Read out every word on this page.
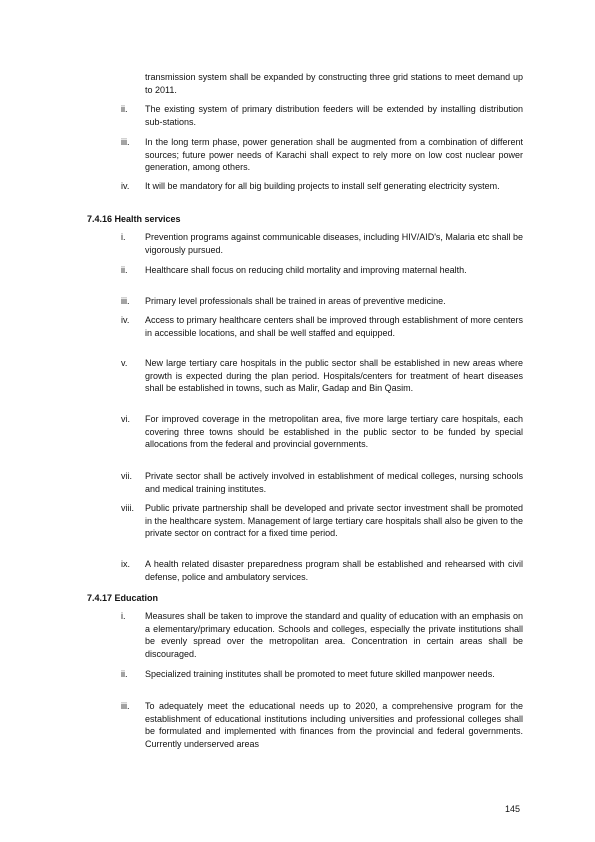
transmission system shall be expanded by constructing three grid stations to meet demand up to 2011.

ii.	The existing system of primary distribution feeders will be extended by installing distribution sub-stations.

iii.	In the long term phase, power generation shall be augmented from a combination of different sources; future power needs of Karachi shall expect to rely more on low cost nuclear power generation, among others.

iv.	It will be mandatory for all big building projects to install self generating electricity system.

7.4.16 Health services

i.	Prevention programs against communicable diseases, including HIV/AID's, Malaria etc shall be vigorously pursued.

ii.	Healthcare shall focus on reducing child mortality and improving maternal health.

iii.	Primary level professionals shall be trained in areas of preventive medicine.

iv.	Access to primary healthcare centers shall be improved through establishment of more centers in accessible locations, and shall be well staffed and equipped.

v.	New large tertiary care hospitals in the public sector shall be established in new areas where growth is expected during the plan period. Hospitals/centers for treatment of heart diseases shall be established in towns, such as Malir, Gadap and Bin Qasim.

vi.	For improved coverage in the metropolitan area, five more large tertiary care hospitals, each covering three towns should be established in the public sector to be funded by special allocations from the federal and provincial governments.

vii.	Private sector shall be actively involved in establishment of medical colleges, nursing schools and medical training institutes.

viii.	Public private partnership shall be developed and private sector investment shall be promoted in the healthcare system. Management of large tertiary care hospitals shall also be given to the private sector on contract for a fixed time period.

ix.	A health related disaster preparedness program shall be established and rehearsed with civil defense, police and ambulatory services.

7.4.17 Education

i.	Measures shall be taken to improve the standard and quality of education with an emphasis on a elementary/primary education. Schools and colleges, especially the private institutions shall be evenly spread over the metropolitan area. Concentration in certain areas shall be discouraged.

ii.	Specialized training institutes shall be promoted to meet future skilled manpower needs.

iii.	To adequately meet the educational needs up to 2020, a comprehensive program for the establishment of educational institutions including universities and professional colleges shall be formulated and implemented with finances from the provincial and federal governments. Currently underserved areas

145
